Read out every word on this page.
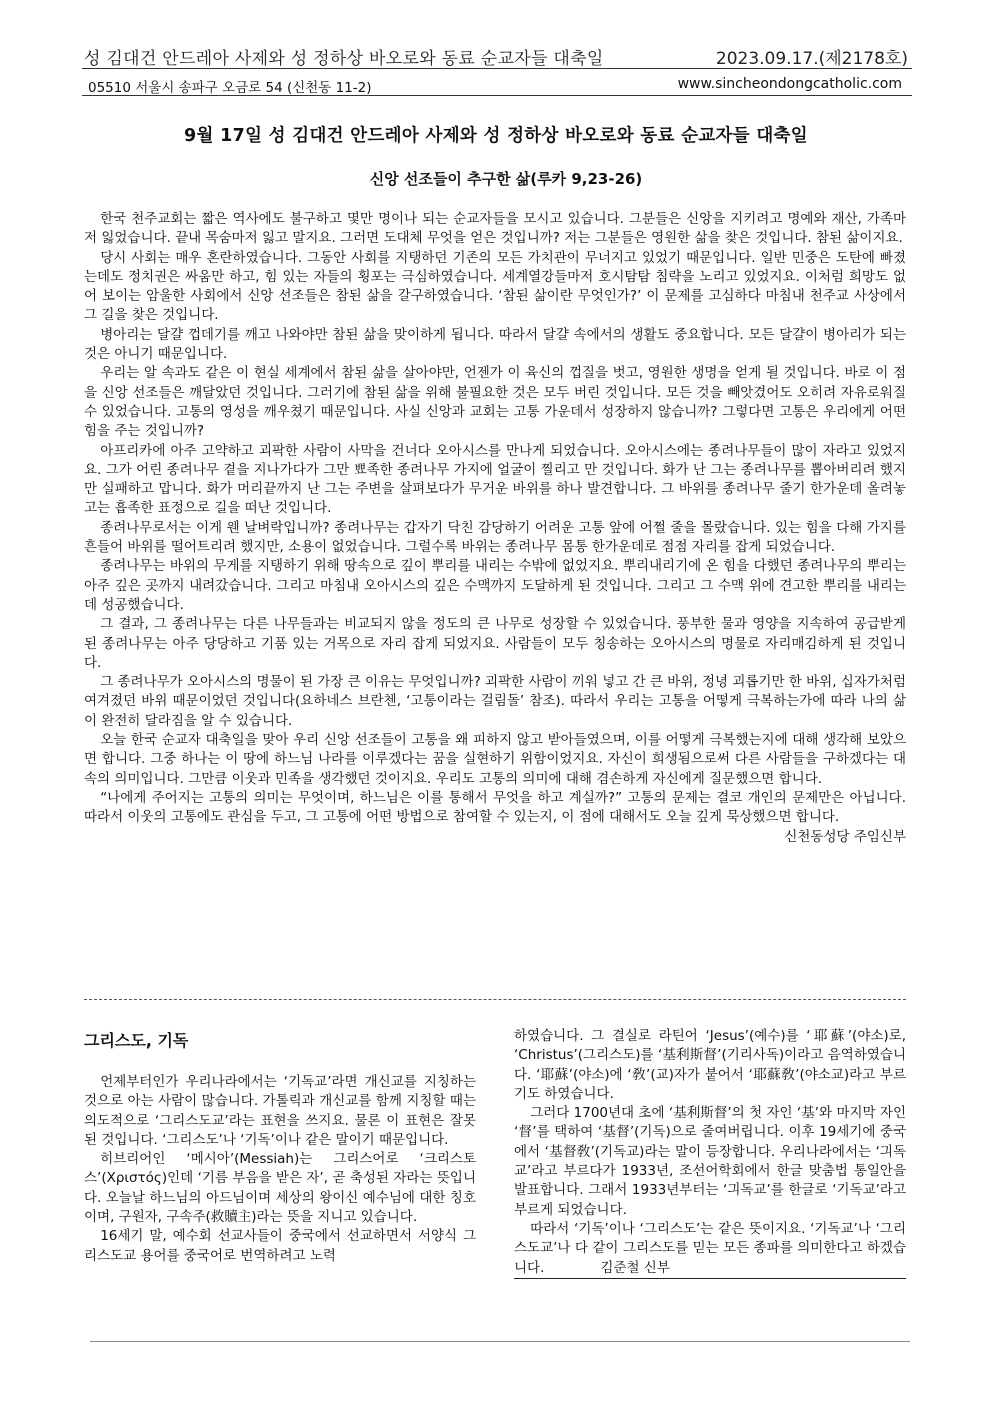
성 김대건 안드레아 사제와 성 정하상 바오로와 동료 순교자들 대축일	2023.09.17.(제2178호)
05510 서울시 송파구 오금로 54 (신천동 11-2)	www.sincheondongcatholic.com
9월 17일 성 김대건 안드레아 사제와 성 정하상 바오로와 동료 순교자들 대축일
신앙 선조들이 추구한 삶(루카 9,23-26)

한국 천주교회는 짧은 역사에도 불구하고 몇만 명이나 되는 순교자들을 모시고 있습니다. 그분들은 신앙을 지키려고 명예와 재산, 가족마저 잃었습니다. 끝내 목숨마저 잃고 말지요. 그러면 도대체 무엇을 얻은 것입니까? 저는 그분들은 영원한 삶을 찾은 것입니다. 참된 삶이지요.

당시 사회는 매우 혼란하였습니다. 그동안 사회를 지탱하던 기존의 모든 가치관이 무너지고 있었기 때문입니다. 일반 민중은 도탄에 빠졌는데도 정치권은 싸움만 하고, 힘 있는 자들의 횡포는 극심하였습니다. 세계열강들마저 호시탐탐 침략을 노리고 있었지요. 이처럼 희망도 없어 보이는 암울한 사회에서 신앙 선조들은 참된 삶을 갈구하였습니다. ‘참된 삶이란 무엇인가?’ 이 문제를 고심하다 마침내 천주교 사상에서 그 길을 찾은 것입니다.

병아리는 달걀 껍데기를 깨고 나와야만 참된 삶을 맞이하게 됩니다. 따라서 달걀 속에서의 생활도 중요합니다. 모든 달걀이 병아리가 되는 것은 아니기 때문입니다.

우리는 알 속과도 같은 이 현실 세계에서 참된 삶을 살아야만, 언젠가 이 육신의 껍질을 벗고, 영원한 생명을 얻게 될 것입니다. 바로 이 점을 신앙 선조들은 깨달았던 것입니다. 그러기에 참된 삶을 위해 불필요한 것은 모두 버린 것입니다. 모든 것을 빼앗겼어도 오히려 자유로워질 수 있었습니다. 고통의 영성을 깨우쳤기 때문입니다. 사실 신앙과 교회는 고통 가운데서 성장하지 않습니까? 그렇다면 고통은 우리에게 어떤 힘을 주는 것입니까?

아프리카에 아주 고약하고 괴팍한 사람이 사막을 건너다 오아시스를 만나게 되었습니다. 오아시스에는 종려나무들이 많이 자라고 있었지요. 그가 어린 종려나무 곁을 지나가다가 그만 뾰족한 종려나무 가지에 얼굴이 찔리고 만 것입니다. 화가 난 그는 종려나무를 뽑아버리려 했지만 실패하고 맙니다. 화가 머리끝까지 난 그는 주변을 살펴보다가 무거운 바위를 하나 발견합니다. 그 바위를 종려나무 줄기 한가운데 올려놓고는 흡족한 표정으로 길을 떠난 것입니다.

종려나무로서는 이게 웬 날벼락입니까? 종려나무는 갑자기 닥친 감당하기 어려운 고통 앞에 어쩔 줄을 몰랐습니다. 있는 힘을 다해 가지를 흔들어 바위를 떨어트리려 했지만, 소용이 없었습니다. 그럴수록 바위는 종려나무 몸통 한가운데로 점점 자리를 잡게 되었습니다.

종려나무는 바위의 무게를 지탱하기 위해 땅속으로 깊이 뿌리를 내리는 수밖에 없었지요. 뿌리내리기에 온 힘을 다했던 종려나무의 뿌리는 아주 깊은 곳까지 내려갔습니다. 그리고 마침내 오아시스의 깊은 수맥까지 도달하게 된 것입니다. 그리고 그 수맥 위에 견고한 뿌리를 내리는 데 성공했습니다.

그 결과, 그 종려나무는 다른 나무들과는 비교되지 않을 정도의 큰 나무로 성장할 수 있었습니다. 풍부한 물과 영양을 지속하여 공급받게 된 종려나무는 아주 당당하고 기품 있는 거목으로 자리 잡게 되었지요. 사람들이 모두 칭송하는 오아시스의 명물로 자리매김하게 된 것입니다.

그 종려나무가 오아시스의 명물이 된 가장 큰 이유는 무엇입니까? 괴팍한 사람이 끼워 넣고 간 큰 바위, 정녕 괴롭기만 한 바위, 십자가처럼 여겨졌던 바위 때문이었던 것입니다(요하네스 브란첸, ‘고통이라는 걸림돌’ 참조). 따라서 우리는 고통을 어떻게 극복하는가에 따라 나의 삶이 완전히 달라짐을 알 수 있습니다.

오늘 한국 순교자 대축일을 맞아 우리 신앙 선조들이 고통을 왜 피하지 않고 받아들였으며, 이를 어떻게 극복했는지에 대해 생각해 보았으면 합니다. 그중 하나는 이 땅에 하느님 나라를 이루겠다는 꿈을 실현하기 위함이었지요. 자신이 희생됨으로써 다른 사람들을 구하겠다는 대속의 의미입니다. 그만큼 이웃과 민족을 생각했던 것이지요. 우리도 고통의 의미에 대해 겸손하게 자신에게 질문했으면 합니다.

“나에게 주어지는 고통의 의미는 무엇이며, 하느님은 이를 통해서 무엇을 하고 계실까?” 고통의 문제는 결코 개인의 문제만은 아닙니다. 따라서 이웃의 고통에도 관심을 두고, 그 고통에 어떤 방법으로 참여할 수 있는지, 이 점에 대해서도 오늘 깊게 묵상했으면 합니다.

신천동성당 주임신부
그리스도, 기독

언제부터인가 우리나라에서는 ‘기독교’라면 개신교를 지칭하는 것으로 아는 사람이 많습니다. 가톨릭과 개신교를 함께 지칭할 때는 의도적으로 ‘그리스도교’라는 표현을 쓰지요. 물론 이 표현은 잘못된 것입니다. ‘그리스도’나 ‘기독’이나 같은 말이기 때문입니다.

히브리어인 ‘메시아’(Messiah)는 그리스어로 ‘크리스토스’(Χριστός)인데 ‘기름 부음을 받은 자’, 곧 축성된 자라는 뜻입니다. 오늘날 하느님의 아드님이며 세상의 왕이신 예수님에 대한 칭호이며, 구원자, 구속주(救贖主)라는 뜻을 지니고 있습니다.

16세기 말, 예수회 선교사들이 중국에서 선교하면서 서양식 그리스도교 용어를 중국어로 번역하려고 노력

하였습니다. 그 결실로 라틴어 ‘Jesus’(예수)를 ‘耶蘇’(야소)로, ‘Christus’(그리스도)를 ‘基利斯督’(기리사독)이라고 음역하였습니다. ‘耶蘇’(야소)에 ‘敎’(교)자가 붙어서 ‘耶蘇敎’(야소교)라고 부르기도 하였습니다.

그러다 1700년대 초에 ‘基利斯督’의 첫 자인 ‘基’와 마지막 자인 ‘督’를 택하여 ‘基督’(기독)으로 줄여버립니다. 이후 19세기에 중국에서 ‘基督敎’(기독교)라는 말이 등장합니다. 우리나라에서는 ‘긔독교’라고 부르다가 1933년, 조선어학회에서 한글 맞춤법 통일안을 발표합니다. 그래서 1933년부터는 ‘긔독교’를 한글로 ‘기독교’라고 부르게 되었습니다.

따라서 ‘기독’이나 ‘그리스도’는 같은 뜻이지요. ‘기독교’나 ‘그리스도교’나 다 같이 그리스도를 믿는 모든 종파를 의미한다고 하겠습니다.	김준철 신부
